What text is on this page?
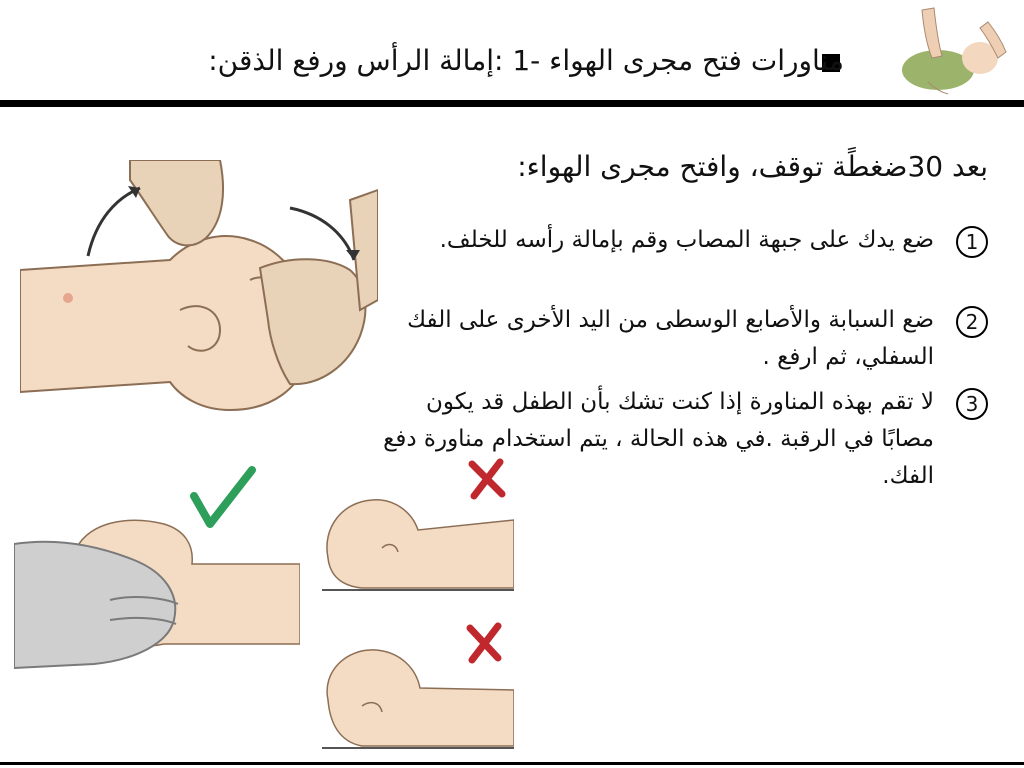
مناورات فتح مجرى الهواء -1 :إمالة الرأس ورفع الذقن:
بعد 30ضغطًة توقف، وافتح مجرى الهواء:
1
ضع يدك على جبهة المصاب وقم بإمالة رأسه للخلف.
2
ضع السبابة والأصابع الوسطى من اليد الأخرى على الفك السفلي، ثم ارفع .
3
لا تقم بهذه المناورة إذا كنت تشك بأن الطفل قد يكون مصابًا في الرقبة .في هذه الحالة ، يتم استخدام مناورة دفع الفك.
